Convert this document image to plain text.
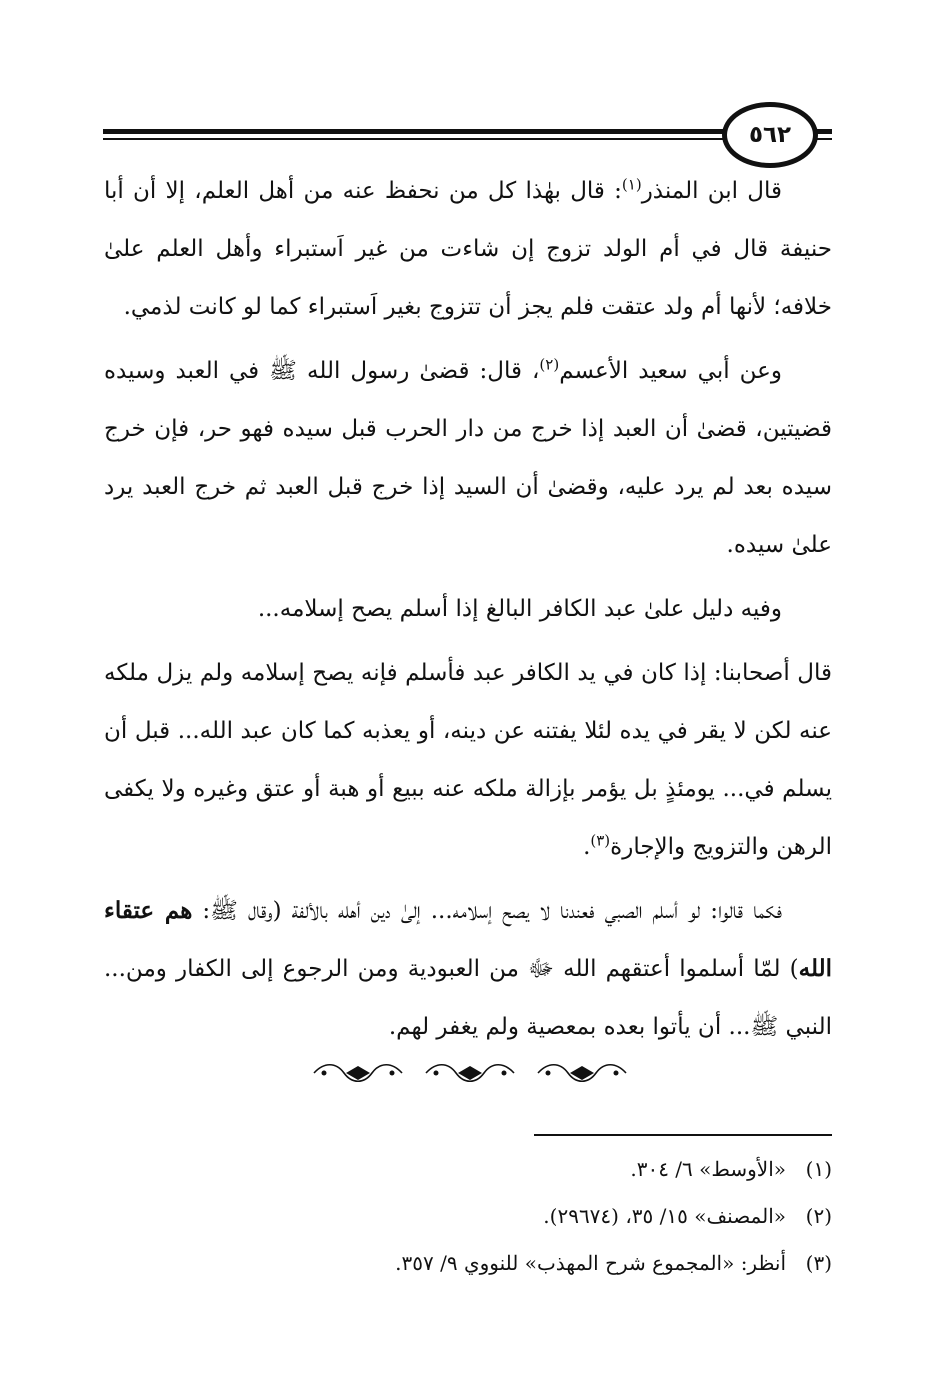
٥٦٢

قال ابن المنذر$^{(١)}$: قال بهٰذا كل من نحفظ عنه من أهل العلم، إلا أن أبا حنيفة قال في أم الولد تزوج إن شاءت من غير اَستبراء وأهل العلم علىٰ خلافه؛ لأنها أم ولد عتقت فلم يجز أن تتزوج بغير اَستبراء كما لو كانت لذمي.

وعن أبي سعيد الأعسم$^{(٢)}$، قال: قضىٰ رسول الله ﷺ في العبد وسيده قضيتين، قضىٰ أن العبد إذا خرج من دار الحرب قبل سيده فهو حر، فإن خرج سيده بعد لم يرد عليه، وقضىٰ أن السيد إذا خرج قبل العبد ثم خرج العبد يرد علىٰ سيده.

وفيه دليل علىٰ عبد الكافر البالغ إذا أسلم يصح إسلامه...

قال أصحابنا: إذا كان في يد الكافر عبد فأسلم فإنه يصح إسلامه ولم يزل ملكه عنه لكن لا يقر في يده لئلا يفتنه عن دينه، أو يعذبه كما كان عبد الله... قبل أن يسلم في... يومئذٍ بل يؤمر بإزالة ملكه عنه ببيع أو هبة أو عتق وغيره ولا يكفى الرهن والتزويج والإجارة$^{(٣)}$.

فكما قالوا: لو أسلم الصبي فعندنا لا يصح إسلامه... إلىٰ دين أهله بالألفة (وقال ﷺ: هم عتقاء الله) لمّا أسلموا أعتقهم الله ﷻ من العبودية ومن الرجوع إلى الكفار ومن... النبي ﷺ... أن يأتوا بعده بمعصية ولم يغفر لهم.

(١)«الأوسط» ٦/ ٣٠٤.
(٢)«المصنف» ١٥/ ٣٥، (٢٩٦٧٤).
(٣)أنظر: «المجموع شرح المهذب» للنووي ٩/ ٣٥٧.
